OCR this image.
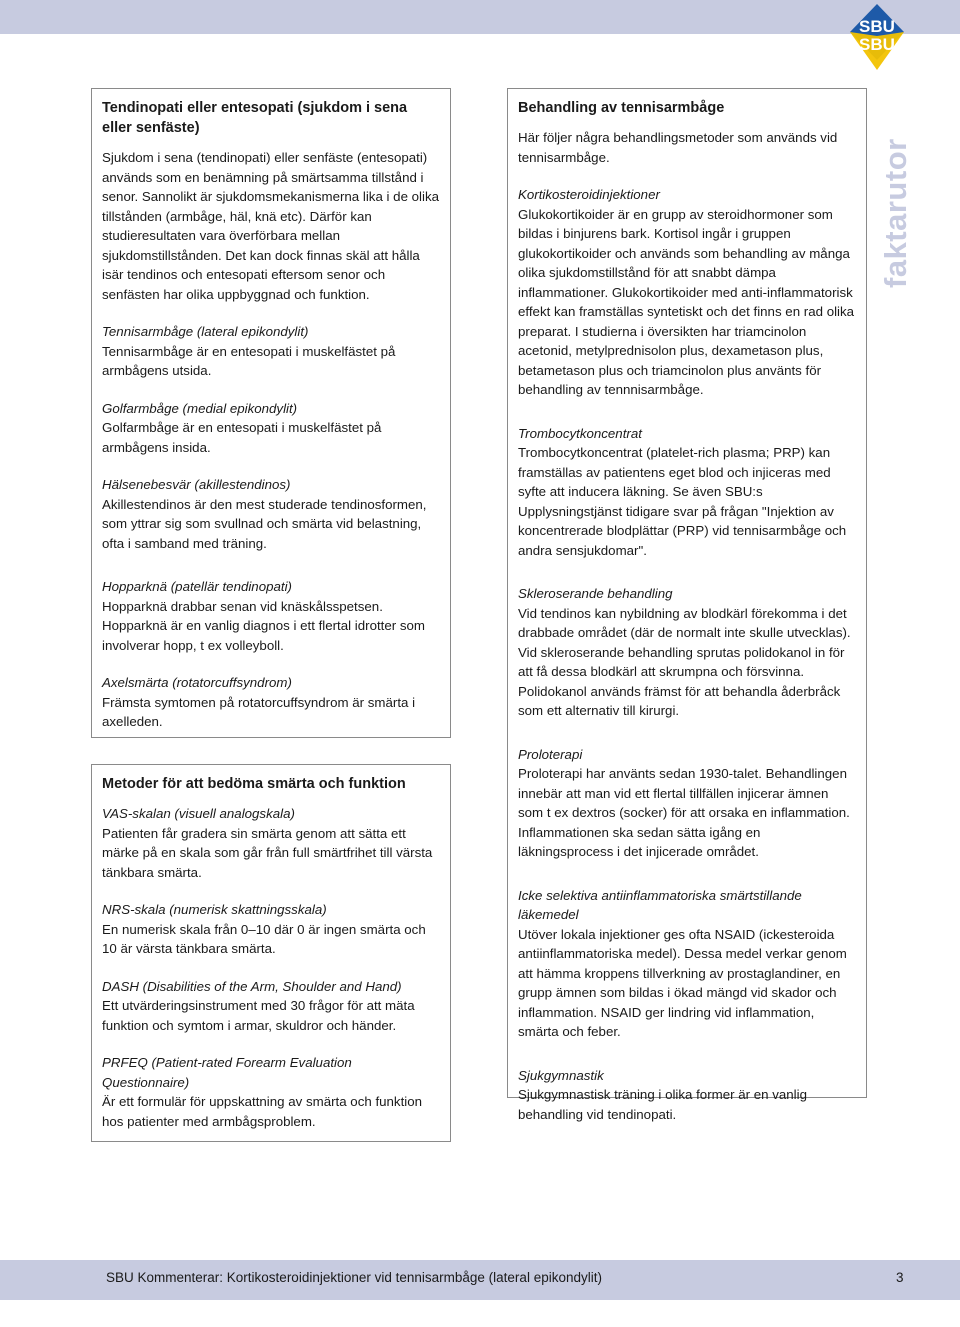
SBU
SBU
faktarutor
Tendinopati eller entesopati (sjukdom i sena eller senfäste)
Sjukdom i sena (tendinopati) eller senfäste (entesopati) används som en benämning på smärtsamma tillstånd i senor. Sannolikt är sjukdomsmekanismerna lika i de olika tillstånden (armbåge, häl, knä etc). Därför kan studieresultaten vara överförbara mellan sjukdomstillstånden. Det kan dock finnas skäl att hålla isär tendinos och entesopati eftersom senor och senfästen har olika uppbyggnad och funktion.
Tennisarmbåge (lateral epikondylit)
Tennisarmbåge är en entesopati i muskelfästet på armbågens utsida.
Golfarmbåge (medial epikondylit)
Golfarmbåge är en entesopati i muskelfästet på armbågens insida.
Hälsenebesvär (akillestendinos)
Akillestendinos är den mest studerade tendinosformen, som yttrar sig som svullnad och smärta vid belastning, ofta i samband med träning.
Hopparknä (patellär tendinopati)
Hopparknä drabbar senan vid knäskålsspetsen. Hopparknä är en vanlig diagnos i ett flertal idrotter som involverar hopp, t ex volleyboll.
Axelsmärta (rotatorcuffsyndrom)
Främsta symtomen på rotatorcuffsyndrom är smärta i axelleden.
Metoder för att bedöma smärta och funktion
VAS-skalan (visuell analogskala)
Patienten får gradera sin smärta genom att sätta ett märke på en skala som går från full smärtfrihet till värsta tänkbara smärta.
NRS-skala (numerisk skattningsskala)
En numerisk skala från 0–10 där 0 är ingen smärta och 10 är värsta tänkbara smärta.
DASH (Disabilities of the Arm, Shoulder and Hand)
Ett utvärderingsinstrument med 30 frågor för att mäta funktion och symtom i armar, skuldror och händer.
PRFEQ (Patient-rated Forearm Evaluation Questionnaire)
Är ett formulär för uppskattning av smärta och funktion hos patienter med armbågsproblem.
Behandling av tennisarmbåge
Här följer några behandlingsmetoder som används vid tennisarmbåge.
Kortikosteroidinjektioner
Glukokortikoider är en grupp av steroidhormoner som bildas i binjurens bark. Kortisol ingår i gruppen glukokortikoider och används som behandling av många olika sjukdomstillstånd för att snabbt dämpa inflammationer. Glukokortikoider med anti-inflammatorisk effekt kan framställas syntetiskt och det finns en rad olika preparat. I studierna i översikten har triamcinolon acetonid, metylprednisolon plus, dexametason plus, betametason plus och triamcinolon plus använts för behandling av tennnisarmbåge.
Trombocytkoncentrat
Trombocytkoncentrat (platelet-rich plasma; PRP) kan framställas av patientens eget blod och injiceras med syfte att inducera läkning. Se även SBU:s Upplysningstjänst tidigare svar på frågan "Injektion av koncentrerade blodplättar (PRP) vid tennisarmbåge och andra sensjukdomar".
Skleroserande behandling
Vid tendinos kan nybildning av blodkärl förekomma i det drabbade området (där de normalt inte skulle utvecklas). Vid skleroserande behandling sprutas polidokanol in för att få dessa blodkärl att skrumpna och försvinna. Polidokanol används främst för att behandla åderbråck som ett alternativ till kirurgi.
Proloterapi
Proloterapi har använts sedan 1930-talet. Behandlingen innebär att man vid ett flertal tillfällen injicerar ämnen som t ex dextros (socker) för att orsaka en inflammation. Inflammationen ska sedan sätta igång en läkningsprocess i det injicerade området.
Icke selektiva antiinflammatoriska smärtstillande läkemedel
Utöver lokala injektioner ges ofta NSAID (ickesteroida antiinflammatoriska medel). Dessa medel verkar genom att hämma kroppens tillverkning av prostaglandiner, en grupp ämnen som bildas i ökad mängd vid skador och inflammation. NSAID ger lindring vid inflammation, smärta och feber.
Sjukgymnastik
Sjukgymnastisk träning i olika former är en vanlig behandling vid tendinopati.
SBU Kommenterar: Kortikosteroidinjektioner vid tennisarmbåge (lateral epikondylit)	3
